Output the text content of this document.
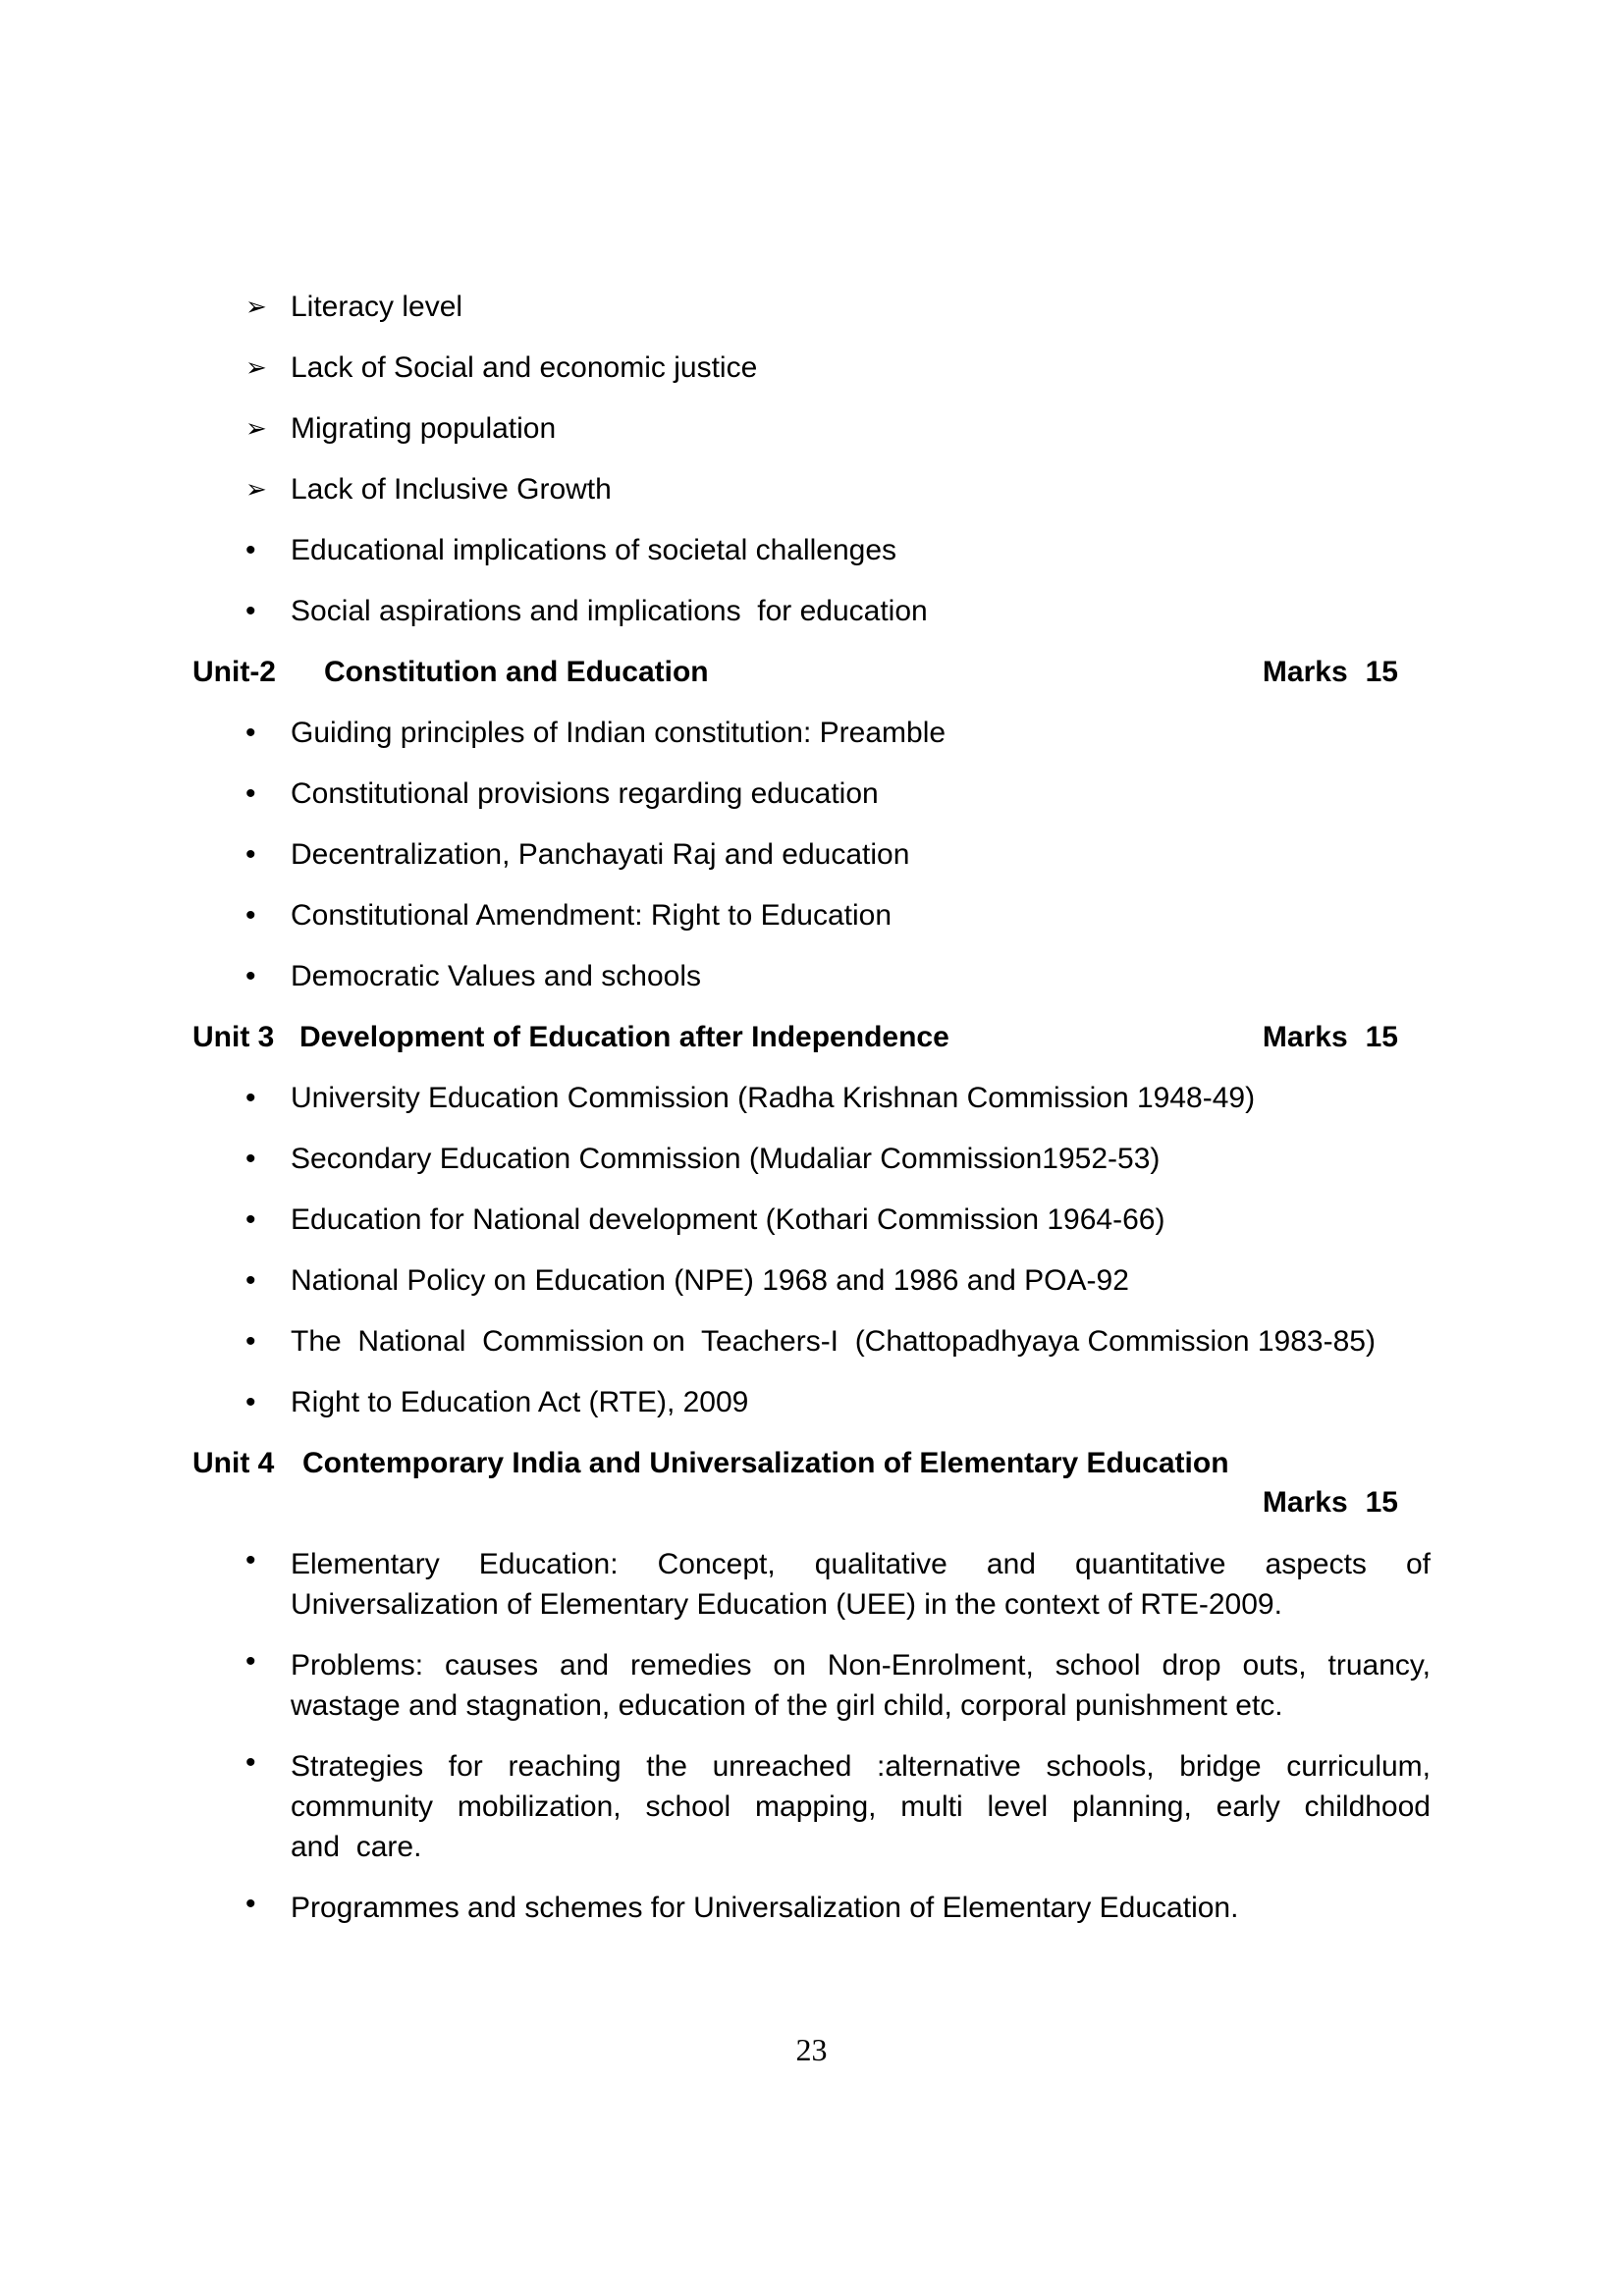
➢ Literacy level
➢ Lack of Social and economic justice
➢ Migrating population
➢ Lack of Inclusive Growth
•	Educational implications of societal challenges
•	Social aspirations and implications  for education
Unit-2	Constitution and Education	Marks 15
•	Guiding principles of Indian constitution: Preamble
•	Constitutional provisions regarding education
•	Decentralization, Panchayati Raj and education
•	Constitutional Amendment: Right to Education
•	Democratic Values and schools
Unit 3 Development of Education after Independence	Marks 15
•	University Education Commission (Radha Krishnan Commission 1948-49)
•	Secondary Education Commission (Mudaliar Commission1952-53)
•	Education for National development (Kothari Commission 1964-66)
•	National Policy on Education (NPE) 1968 and 1986 and POA-92
•	The  National  Commission on  Teachers-I  (Chattopadhyaya Commission 1983-85)
•	Right to Education Act (RTE), 2009
Unit 4 Contemporary India and Universalization of Elementary Education
Marks 15
•	Elementary Education: Concept, qualitative and quantitative aspects of
Universalization of Elementary Education (UEE) in the context of RTE-2009.
•	Problems: causes and remedies on Non-Enrolment, school drop outs, truancy,
wastage and stagnation, education of the girl child, corporal punishment etc.
•	Strategies for reaching the unreached :alternative schools, bridge curriculum,
community mobilization, school mapping, multi level planning, early childhood
and  care.
•	Programmes and schemes for Universalization of Elementary Education.
23
